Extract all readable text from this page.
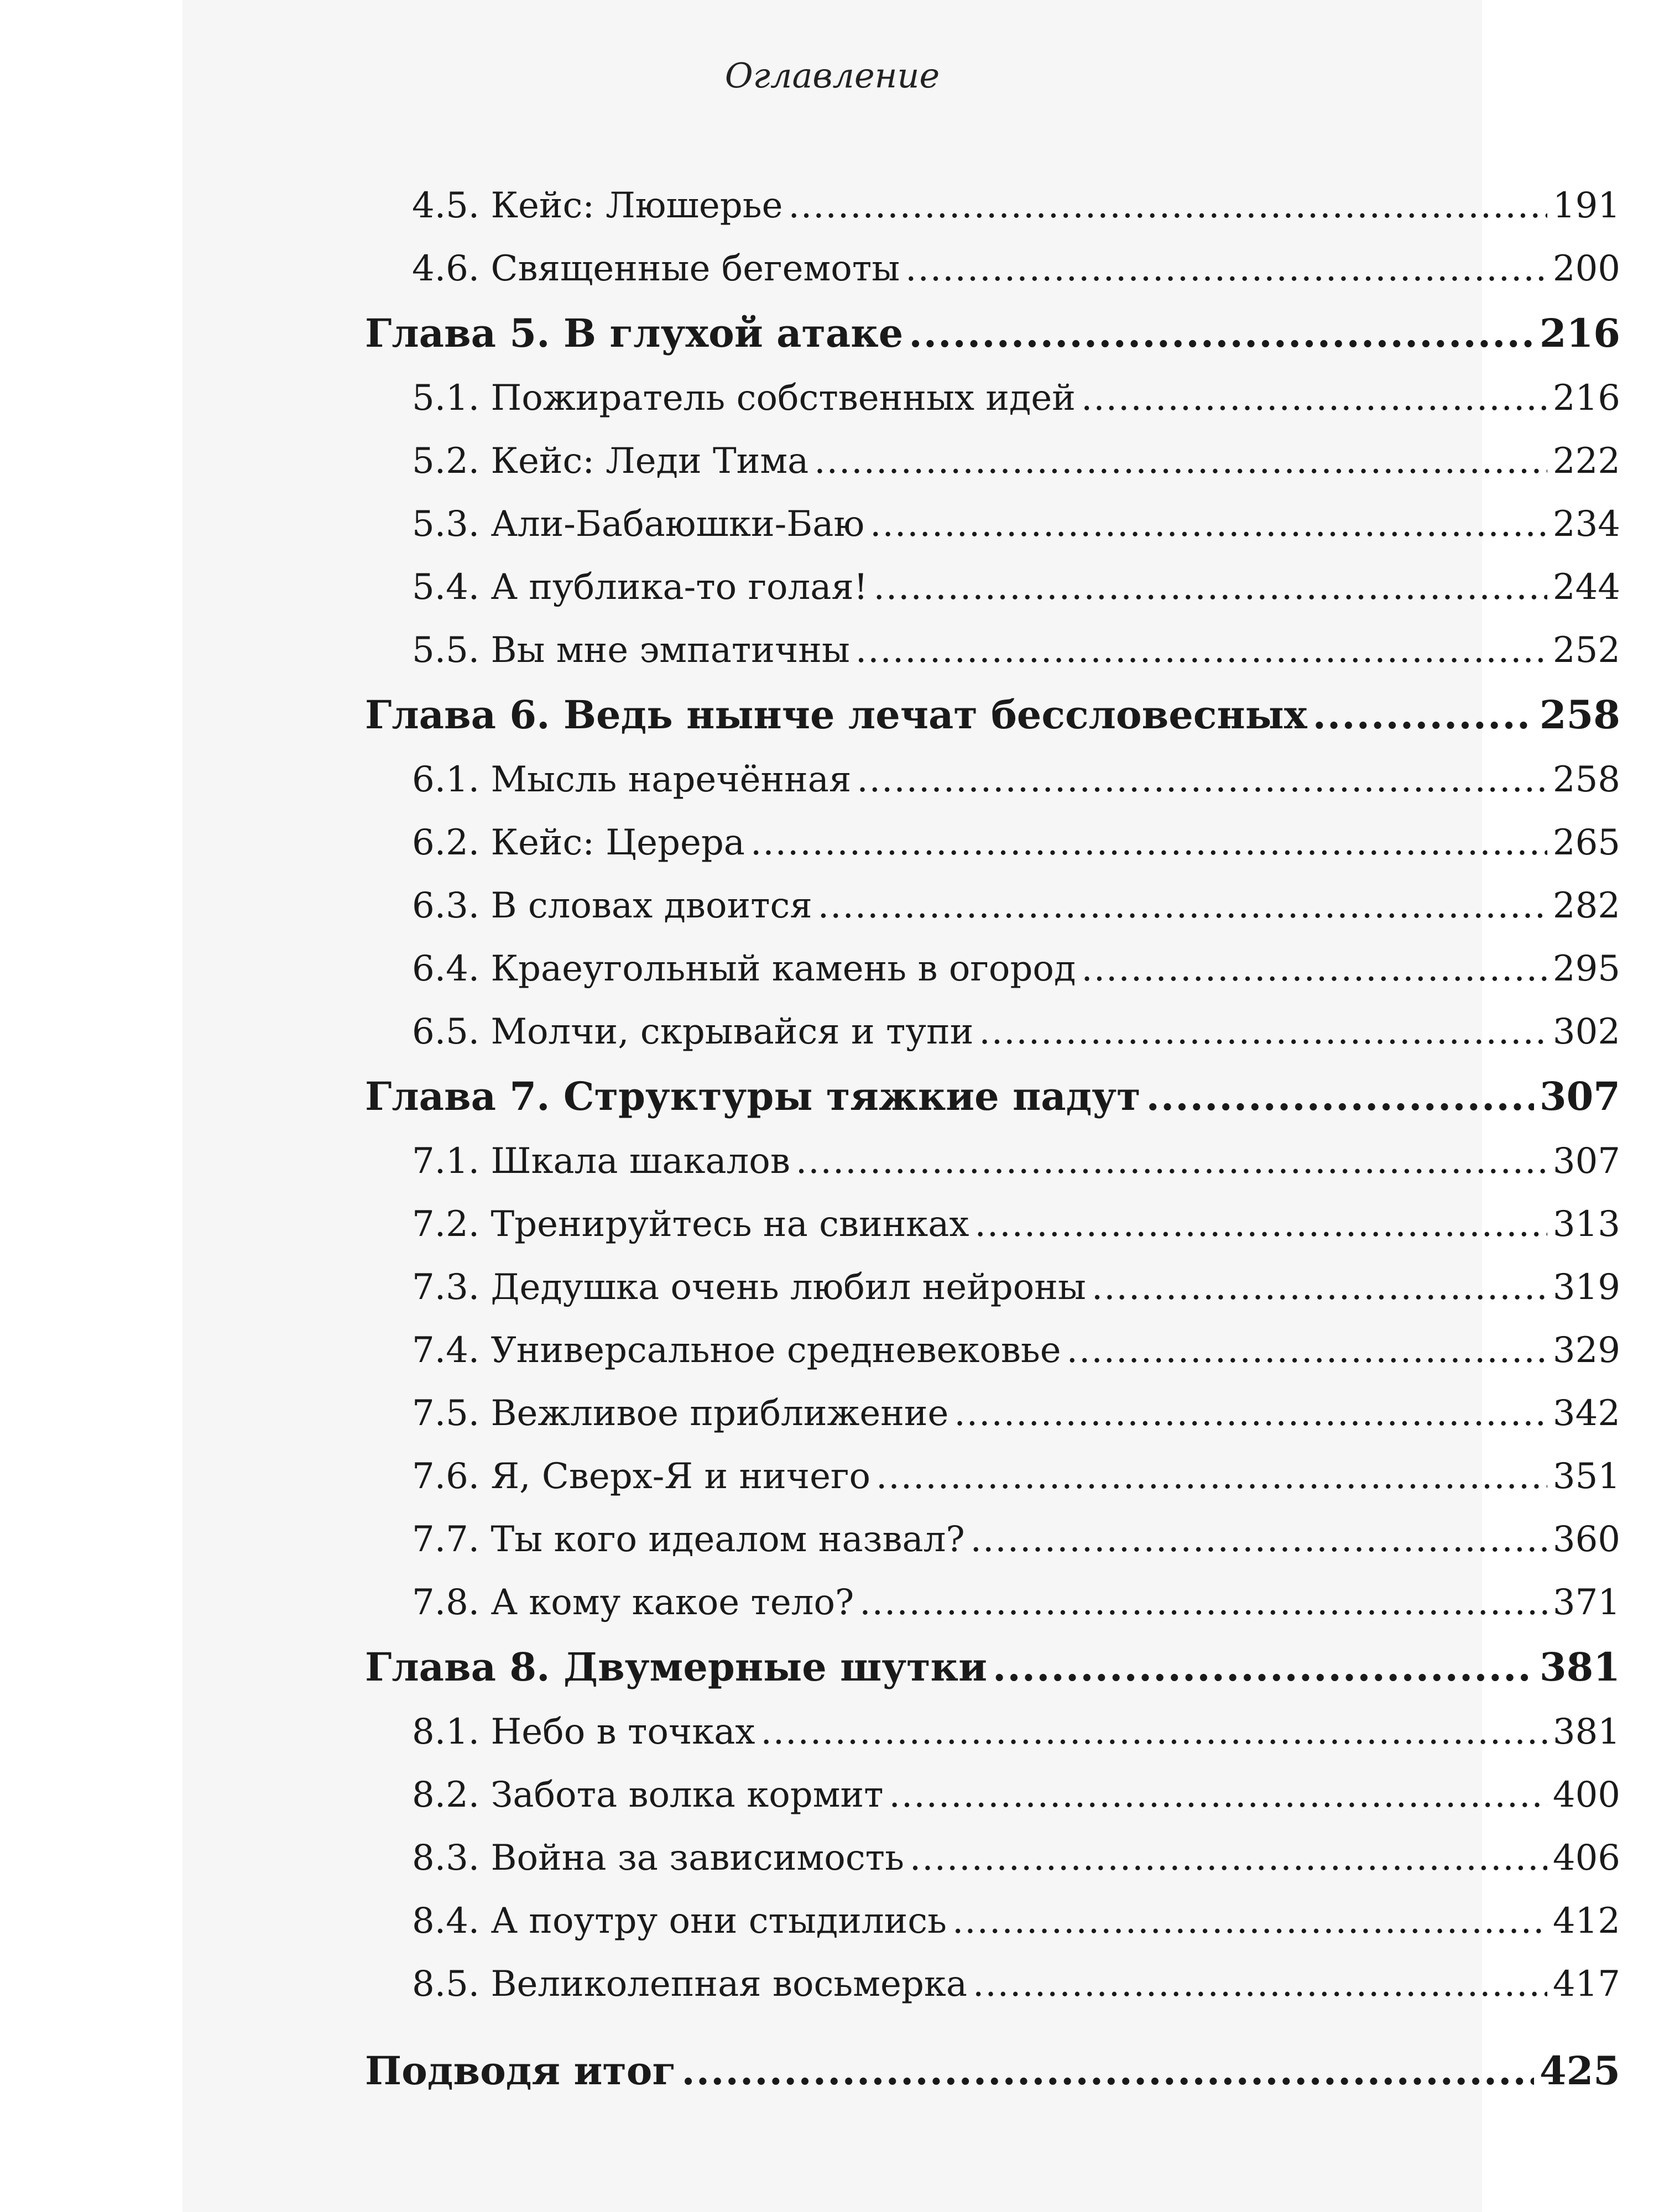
Оглавление
4.5. Кейс: Люшерье .....	191
4.6. Священные бегемоты .....	200
Глава 5. В глухой атаке .....	216
5.1. Пожиратель собственных идей .....	216
5.2. Кейс: Леди Тима .....	222
5.3. Али-Бабаюшки-Баю .....	234
5.4. А публика-то голая! .....	244
5.5. Вы мне эмпатичны .....	252
Глава 6. Ведь нынче лечат бессловесных .....	258
6.1. Мысль наречённая .....	258
6.2. Кейс: Церера .....	265
6.3. В словах двоится .....	282
6.4. Краеугольный камень в огород .....	295
6.5. Молчи, скрывайся и тупи .....	302
Глава 7. Структуры тяжкие падут .....	307
7.1. Шкала шакалов .....	307
7.2. Тренируйтесь на свинках .....	313
7.3. Дедушка очень любил нейроны .....	319
7.4. Универсальное средневековье .....	329
7.5. Вежливое приближение .....	342
7.6. Я, Сверх-Я и ничего .....	351
7.7. Ты кого идеалом назвал? .....	360
7.8. А кому какое тело? .....	371
Глава 8. Двумерные шутки .....	381
8.1. Небо в точках .....	381
8.2. Забота волка кормит .....	400
8.3. Война за зависимость .....	406
8.4. А поутру они стыдились .....	412
8.5. Великолепная восьмерка .....	417
Подводя итог .....	425
